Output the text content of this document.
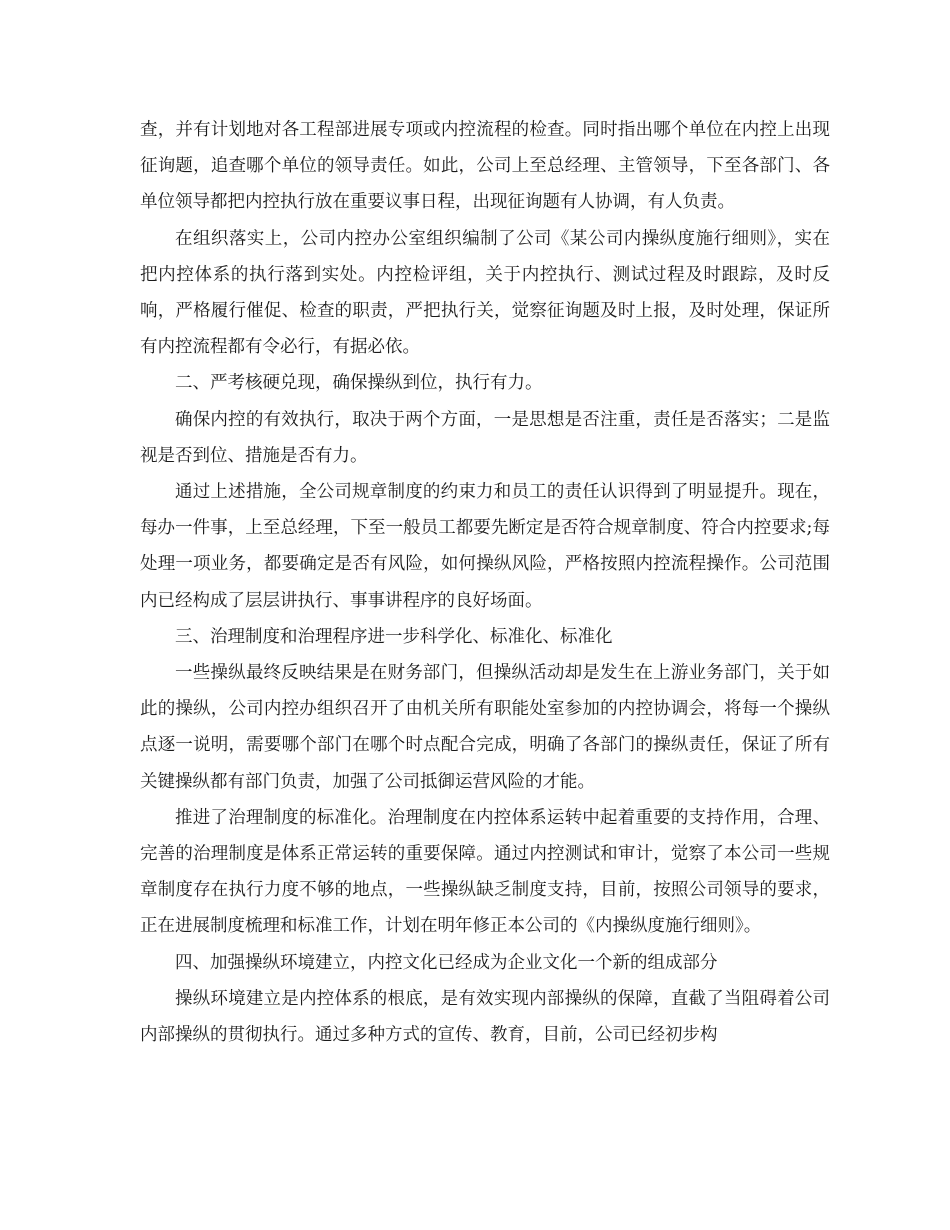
查，并有计划地对各工程部进展专项或内控流程的检查。同时指出哪个单位在内控上出现征询题，追查哪个单位的领导责任。如此，公司上至总经理、主管领导，下至各部门、各单位领导都把内控执行放在重要议事日程，出现征询题有人协调，有人负责。

在组织落实上，公司内控办公室组织编制了公司《某公司内操纵度施行细则》，实在把内控体系的执行落到实处。内控检评组，关于内控执行、测试过程及时跟踪，及时反响，严格履行催促、检查的职责，严把执行关，觉察征询题及时上报，及时处理，保证所有内控流程都有令必行，有据必依。

二、严考核硬兑现，确保操纵到位，执行有力。

确保内控的有效执行，取决于两个方面，一是思想是否注重，责任是否落实；二是监视是否到位、措施是否有力。

通过上述措施，全公司规章制度的约束力和员工的责任认识得到了明显提升。现在，每办一件事，上至总经理，下至一般员工都要先断定是否符合规章制度、符合内控要求;每处理一项业务，都要确定是否有风险，如何操纵风险，严格按照内控流程操作。公司范围内已经构成了层层讲执行、事事讲程序的良好场面。

三、治理制度和治理程序进一步科学化、标准化、标准化

一些操纵最终反映结果是在财务部门，但操纵活动却是发生在上游业务部门，关于如此的操纵，公司内控办组织召开了由机关所有职能处室参加的内控协调会，将每一个操纵点逐一说明，需要哪个部门在哪个时点配合完成，明确了各部门的操纵责任，保证了所有关键操纵都有部门负责，加强了公司抵御运营风险的才能。

推进了治理制度的标准化。治理制度在内控体系运转中起着重要的支持作用，合理、完善的治理制度是体系正常运转的重要保障。通过内控测试和审计，觉察了本公司一些规章制度存在执行力度不够的地点，一些操纵缺乏制度支持，目前，按照公司领导的要求，正在进展制度梳理和标准工作，计划在明年修正本公司的《内操纵度施行细则》。

四、加强操纵环境建立，内控文化已经成为企业文化一个新的组成部分

操纵环境建立是内控体系的根底，是有效实现内部操纵的保障，直截了当阻碍着公司内部操纵的贯彻执行。通过多种方式的宣传、教育，目前，公司已经初步构
